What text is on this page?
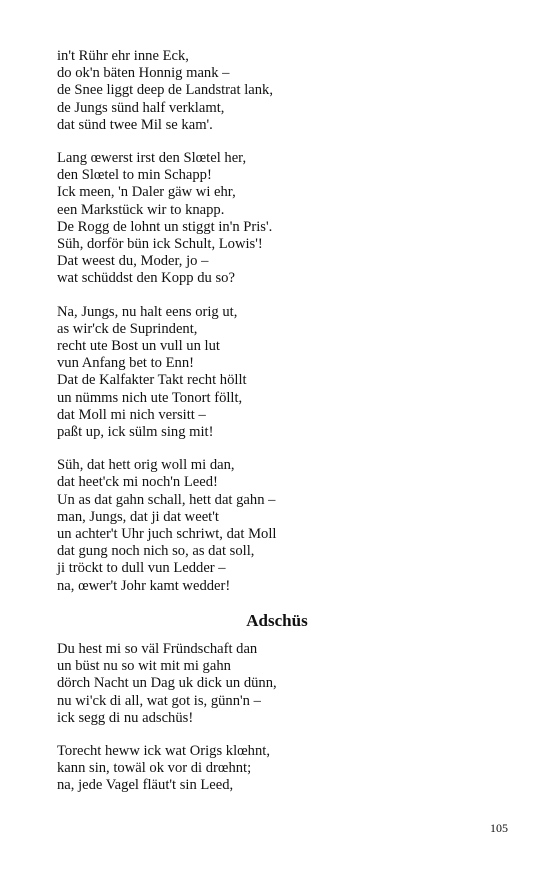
in't Rühr ehr inne Eck,
do ok'n bäten Honnig mank –
de Snee liggt deep de Landstrat lank,
de Jungs sünd half verklamt,
dat sünd twee Mil se kam'.
Lang œwerst irst den Slœtel her,
den Slœtel to min Schapp!
Ick meen, 'n Daler gäw wi ehr,
een Markstück wir to knapp.
De Rogg de lohnt un stiggt in'n Pris'.
Süh, dorför bün ick Schult, Lowis'!
Dat weest du, Moder, jo –
wat schüddst den Kopp du so?
Na, Jungs, nu halt eens orig ut,
as wir'ck de Suprindent,
recht ute Bost un vull un lut
vun Anfang bet to Enn!
Dat de Kalfakter Takt recht höllt
un nümms nich ute Tonort föllt,
dat Moll mi nich versitt –
paßt up, ick sülm sing mit!
Süh, dat hett orig woll mi dan,
dat heet'ck mi noch'n Leed!
Un as dat gahn schall, hett dat gahn –
man, Jungs, dat ji dat weet't
un achter't Uhr juch schriwt, dat Moll
dat gung noch nich so, as dat soll,
ji tröckt to dull vun Ledder –
na, œwer't Johr kamt wedder!
Adschüs
Du hest mi so väl Fründschaft dan
un büst nu so wit mit mi gahn
dörch Nacht un Dag uk dick un dünn,
nu wi'ck di all, wat got is, günn'n –
ick segg di nu adschüs!
Torecht heww ick wat Origs klœhnt,
kann sin, towäl ok vor di drœhnt;
na, jede Vagel fläut't sin Leed,
105
